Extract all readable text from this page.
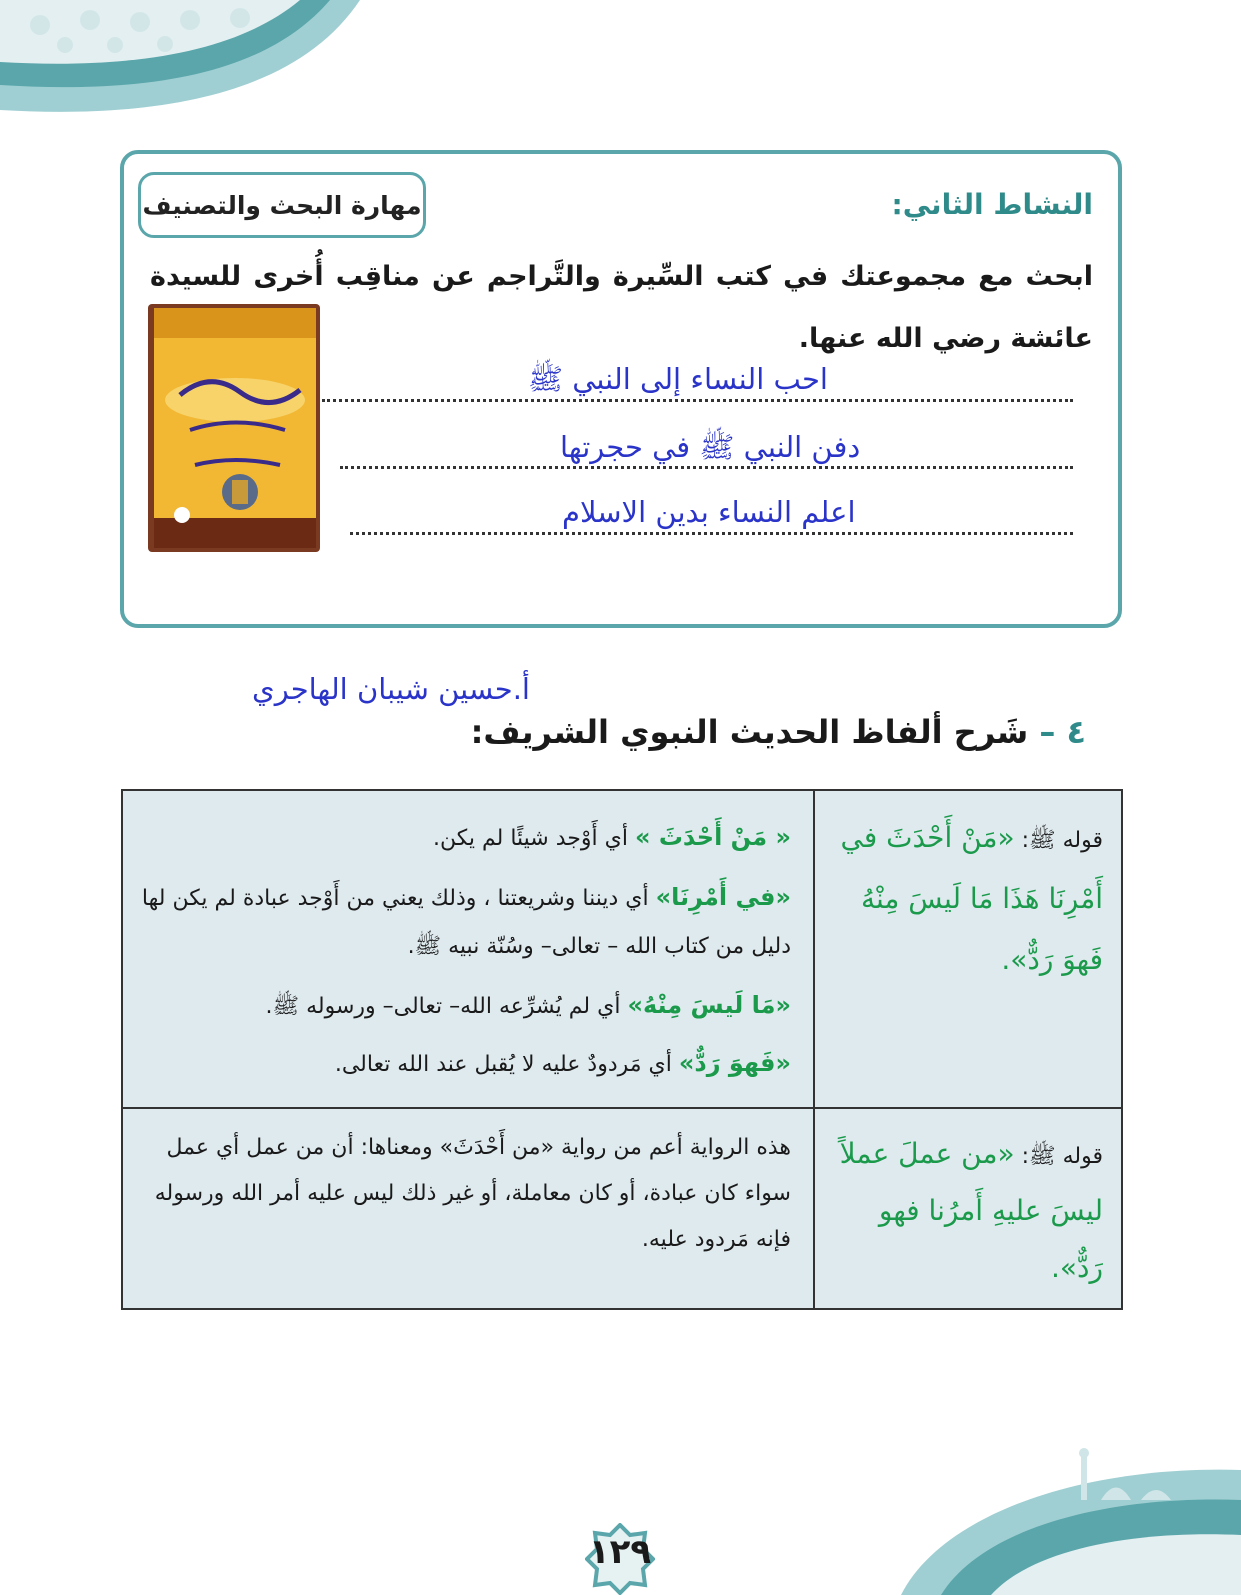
مهارة البحث والتصنيف	النشاط الثاني:
ابحث مع مجموعتك في كتب السِّيرة والتَّراجم عن مناقِب أُخرى للسيدة عائشة رضي الله عنها.
احب النساء إلى النبي ﷺ
دفن النبي ﷺ في حجرتها
اعلم النساء بدين الاسلام
أ.حسين شيبان الهاجري
٤ – شَرح ألفاظ الحديث النبوي الشريف:
قوله ﷺ: «مَنْ أَحْدَثَ في أَمْرِنَا هَذَا مَا لَيسَ مِنْهُ فَهوَ رَدٌّ».	« مَنْ أَحْدَثَ » أي أَوْجد شيئًا لم يكن.
«في أَمْرِنَا» أي ديننا وشريعتنا ، وذلك يعني من أَوْجد عبادة لم يكن لها دليل من كتاب الله – تعالى– وسُنّة نبيه ﷺ.
«مَا لَيسَ مِنْهُ» أي لم يُشرِّعه الله– تعالى– ورسوله ﷺ.
«فَهوَ رَدٌّ» أي مَردودٌ عليه لا يُقبل عند الله تعالى.

قوله ﷺ: «من عملَ عملاً ليسَ عليهِ أَمرُنا فهو رَدٌّ».	هذه الرواية أعم من رواية «من أَحْدَثَ» ومعناها: أن من عمل أي عمل سواء كان عبادة، أو كان معاملة، أو غير ذلك ليس عليه أمر الله ورسوله فإنه مَردود عليه.
١٢٩
